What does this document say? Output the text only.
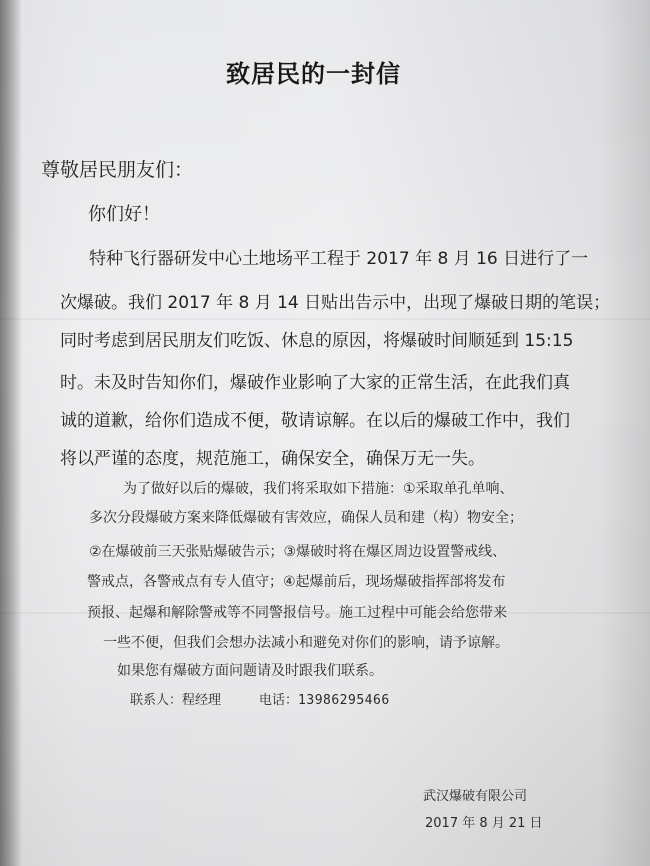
致居民的一封信
尊敬居民朋友们：
你们好！
特种飞行器研发中心土地场平工程于 2017 年 8 月 16 日进行了一
次爆破。我们 2017 年 8 月 14 日贴出告示中，出现了爆破日期的笔误；
同时考虑到居民朋友们吃饭、休息的原因，将爆破时间顺延到 15:15
时。未及时告知你们，爆破作业影响了大家的正常生活，在此我们真
诚的道歉，给你们造成不便，敬请谅解。在以后的爆破工作中，我们
将以严谨的态度，规范施工，确保安全，确保万无一失。
为了做好以后的爆破，我们将采取如下措施：①采取单孔单响、
多次分段爆破方案来降低爆破有害效应，确保人员和建（构）物安全；
②在爆破前三天张贴爆破告示；③爆破时将在爆区周边设置警戒线、
警戒点，各警戒点有专人值守；④起爆前后，现场爆破指挥部将发布
预报、起爆和解除警戒等不同警报信号。施工过程中可能会给您带来
一些不便，但我们会想办法减小和避免对你们的影响，请予谅解。
如果您有爆破方面问题请及时跟我们联系。
联系人：程经理	电话：13986295466
武汉爆破有限公司
2017 年 8 月 21 日
